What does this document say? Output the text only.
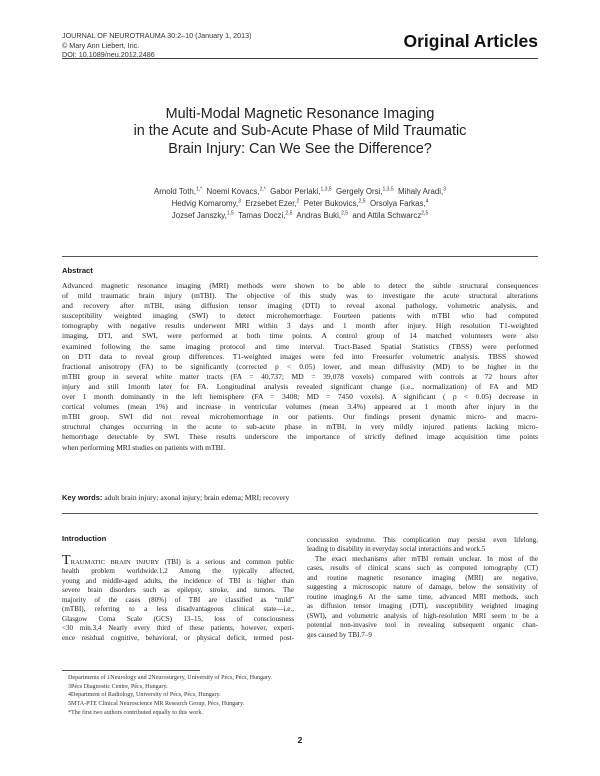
JOURNAL OF NEUROTRAUMA 30:2–10 (January 1, 2013)
© Mary Ann Liebert, Inc.
DOI: 10.1089/neu.2012.2486
Original Articles
Multi-Modal Magnetic Resonance Imaging
in the Acute and Sub-Acute Phase of Mild Traumatic
Brain Injury: Can We See the Difference?
Arnold Toth,$^{1,*}$ Noemi Kovacs,$^{2,*}$ Gabor Perlaki,$^{1,3,5}$ Gergely Orsi,$^{1,3,5}$ Mihaly Aradi,$^3$
Hedvig Komaromy,$^3$ Erzsebet Ezer,$^2$ Peter Bukovics,$^{2,5}$ Orsolya Farkas,$^4$
Jozsef Janszky,$^{1,5}$ Tamas Doczi,$^{2,5}$ Andras Buki,$^{2,5}$ and Attila Schwarcz$^{2,5}$
Abstract
Advanced magnetic resonance imaging (MRI) methods were shown to be able to detect the subtle structural consequences
of mild traumatic brain injury (mTBI). The objective of this study was to investigate the acute structural alterations
and recovery after mTBI, using diffusion tensor imaging (DTI) to reveal axonal pathology, volumetric analysis, and
susceptibility weighted imaging (SWI) to detect microhemorrhage. Fourteen patients with mTBI who had computed
tomography with negative results underwent MRI within 3 days and 1 month after injury. High resolution T1-weighted
imaging, DTI, and SWI, were performed at both time points. A control group of 14 matched volunteers were also
examined following the same imaging protocol and time interval. Tract-Based Spatial Statistics (TBSS) were performed
on DTI data to reveal group differences. T1-weighted images were fed into Freesurfer volumetric analysis. TBSS showed
fractional anisotropy (FA) to be significantly (corrected p < 0.05) lower, and mean diffusivity (MD) to be higher in the
mTBI group in several white matter tracts (FA = 40,737; MD = 39,078 voxels) compared with controls at 72 hours after
injury and still 1month later for FA. Longitudinal analysis revealed significant change (i.e., normalization) of FA and MD
over 1 month dominantly in the left hemisphere (FA = 3408; MD = 7450 voxels). A significant ( p < 0.05) decrease in
cortical volumes (mean 1%) and increase in ventricular volumes (mean 3.4%) appeared at 1 month after injury in the
mTBI group. SWI did not reveal microhemorrhage in our patients. Our findings present dynamic micro- and macro-
structural changes occurring in the acute to sub-acute phase in mTBI, in very mildly injured patients lacking micro-
hemorrhage detectable by SWI. These results underscore the importance of strictly defined image acquisition time points
when performing MRI studies on patients with mTBI.
Key words: adult brain injury; axonal injury; brain edema; MRI; recovery
Introduction
TRAUMATIC BRAIN INJURY (TBI) is a serious and common public
health problem worldwide.1,2 Among the typically affected,
young and middle-aged adults, the incidence of TBI is higher than
severe brain disorders such as epilepsy, stroke, and tumors. The
majority of the cases (80%) of TBI are classified as “mild”
(mTBI), referring to a less disadvantageous clinical state—i.e.,
Glasgow Coma Scale (GCS) 13–15, loss of consciousness
<30 min.3,4 Nearly every third of these patients, however, experi-
ence residual cognitive, behavioral, or physical deficit, termed post-
concussion syndrome. This complication may persist even lifelong,
leading to disability in everyday social interactions and work.5
The exact mechanisms after mTBI remain unclear. In most of the
cases, results of clinical scans such as computed tomography (CT)
and routine magnetic resonance imaging (MRI) are negative,
suggesting a microscopic nature of damage, below the sensitivity of
routine imaging.6 At the same time, advanced MRI methods, such
as diffusion tensor imaging (DTI), susceptibility weighted imaging
(SWI), and volumetric analysis of high-resolution MRI seem to be a
potential non-invasive tool in revealing subsequent organic chan-
ges caused by TBI.7–9
Departments of 1Neurology and 2Neurosurgery, University of Pécs, Pécs, Hungary.
3Pécs Diagnostic Centre, Pécs, Hungary.
4Department of Radiology, University of Pécs, Pécs, Hungary.
5MTA-PTE Clinical Neuroscience MR Research Group, Pécs, Hungary.
*The first two authors contributed equally to this work.
2
